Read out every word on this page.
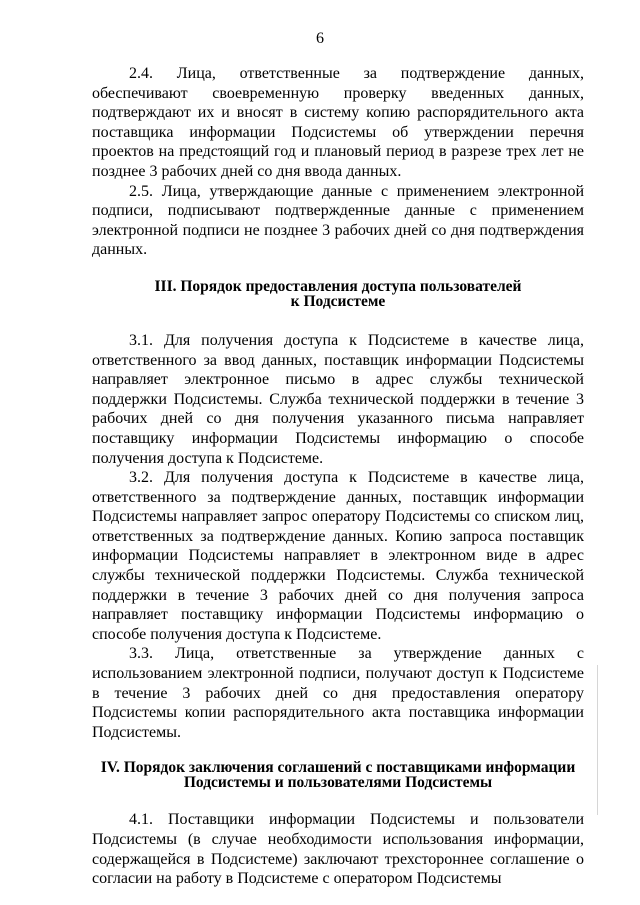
6

2.4. Лица, ответственные за подтверждение данных, обеспечивают своевременную проверку введенных данных, подтверждают их и вносят в систему копию распорядительного акта поставщика информации Подсистемы об утверждении перечня проектов на предстоящий год и плановый период в разрезе трех лет не позднее 3 рабочих дней со дня ввода данных.

2.5. Лица, утверждающие данные с применением электронной подписи, подписывают подтвержденные данные с применением электронной подписи не позднее 3 рабочих дней со дня подтверждения данных.

III. Порядок предоставления доступа пользователей
к Подсистеме

3.1. Для получения доступа к Подсистеме в качестве лица, ответственного за ввод данных, поставщик информации Подсистемы направляет электронное письмо в адрес службы технической поддержки Подсистемы. Служба технической поддержки в течение 3 рабочих дней со дня получения указанного письма направляет поставщику информации Подсистемы информацию о способе получения доступа к Подсистеме.

3.2. Для получения доступа к Подсистеме в качестве лица, ответственного за подтверждение данных, поставщик информации Подсистемы направляет запрос оператору Подсистемы со списком лиц, ответственных за подтверждение данных. Копию запроса поставщик информации Подсистемы направляет в электронном виде в адрес службы технической поддержки Подсистемы. Служба технической поддержки в течение 3 рабочих дней со дня получения запроса направляет поставщику информации Подсистемы информацию о способе получения доступа к Подсистеме.

3.3. Лица, ответственные за утверждение данных с использованием электронной подписи, получают доступ к Подсистеме в течение 3 рабочих дней со дня предоставления оператору Подсистемы копии распорядительного акта поставщика информации Подсистемы.

IV. Порядок заключения соглашений с поставщиками информации
Подсистемы и пользователями Подсистемы

4.1. Поставщики информации Подсистемы и пользователи Подсистемы (в случае необходимости использования информации, содержащейся в Подсистеме) заключают трехстороннее соглашение о согласии на работу в Подсистеме с оператором Подсистемы
